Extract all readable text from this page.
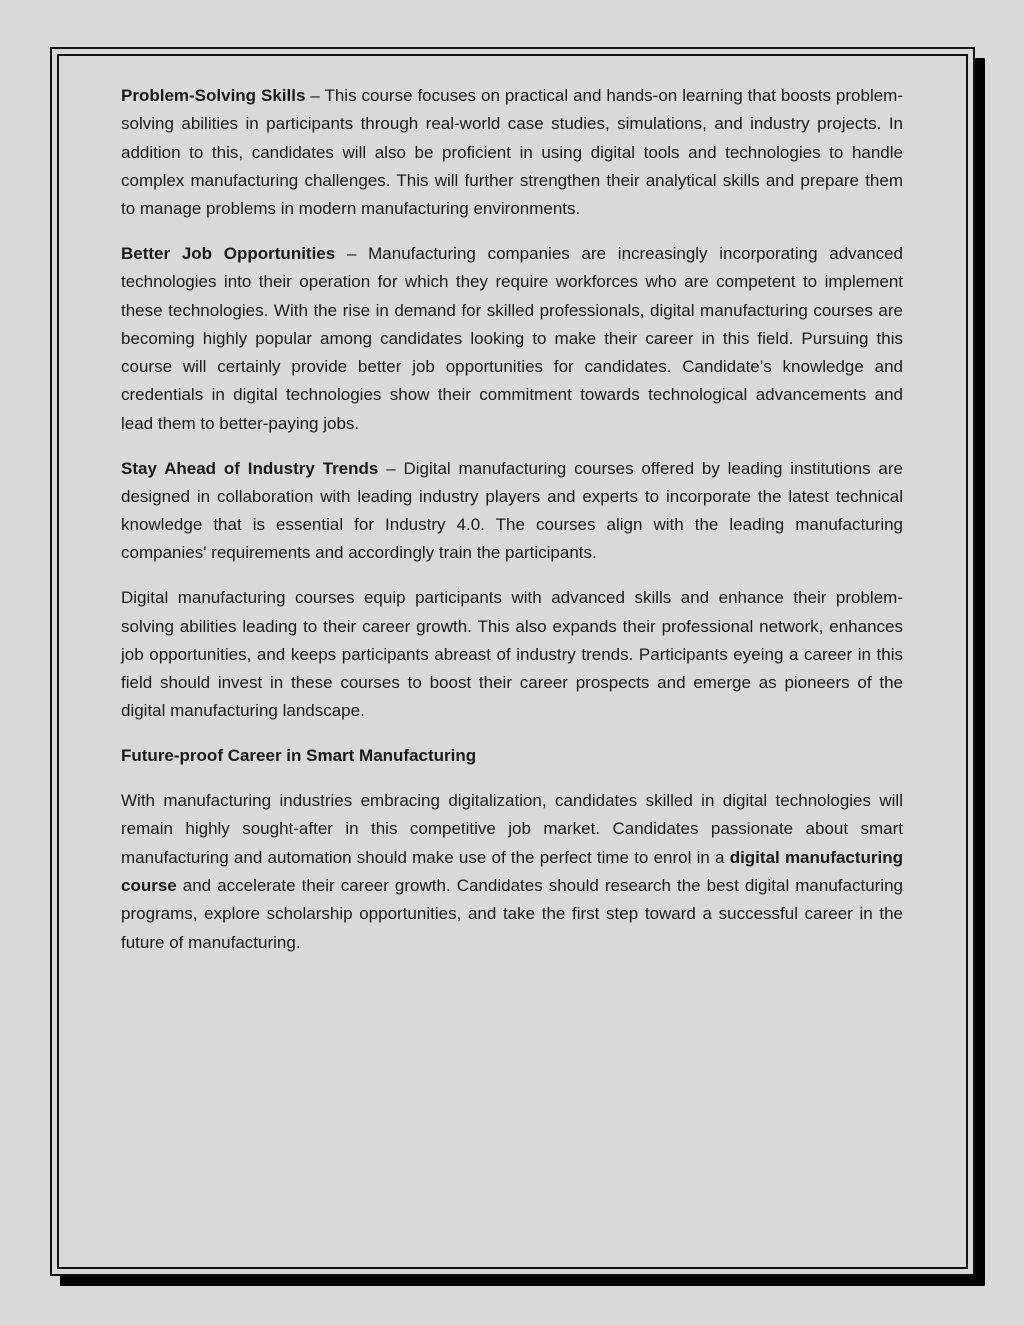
Problem-Solving Skills – This course focuses on practical and hands-on learning that boosts problem-solving abilities in participants through real-world case studies, simulations, and industry projects. In addition to this, candidates will also be proficient in using digital tools and technologies to handle complex manufacturing challenges. This will further strengthen their analytical skills and prepare them to manage problems in modern manufacturing environments.

Better Job Opportunities – Manufacturing companies are increasingly incorporating advanced technologies into their operation for which they require workforces who are competent to implement these technologies. With the rise in demand for skilled professionals, digital manufacturing courses are becoming highly popular among candidates looking to make their career in this field. Pursuing this course will certainly provide better job opportunities for candidates. Candidate’s knowledge and credentials in digital technologies show their commitment towards technological advancements and lead them to better-paying jobs.

Stay Ahead of Industry Trends – Digital manufacturing courses offered by leading institutions are designed in collaboration with leading industry players and experts to incorporate the latest technical knowledge that is essential for Industry 4.0. The courses align with the leading manufacturing companies' requirements and accordingly train the participants.

Digital manufacturing courses equip participants with advanced skills and enhance their problem-solving abilities leading to their career growth. This also expands their professional network, enhances job opportunities, and keeps participants abreast of industry trends. Participants eyeing a career in this field should invest in these courses to boost their career prospects and emerge as pioneers of the digital manufacturing landscape.

Future-proof Career in Smart Manufacturing

With manufacturing industries embracing digitalization, candidates skilled in digital technologies will remain highly sought-after in this competitive job market. Candidates passionate about smart manufacturing and automation should make use of the perfect time to enrol in a digital manufacturing course and accelerate their career growth. Candidates should research the best digital manufacturing programs, explore scholarship opportunities, and take the first step toward a successful career in the future of manufacturing.
